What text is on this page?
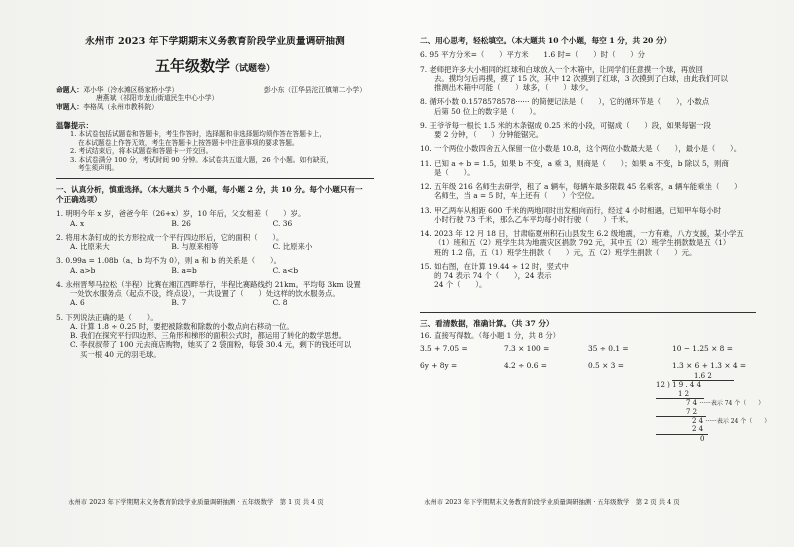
永州市 2023 年下学期期末义务教育阶段学业质量调研抽测

五年级数学（试题卷）

命题人：邓小华（冷水滩区杨家桥小学）	彭小东（江华县沱江镇第二小学）

唐燕斌（祁阳市龙山街道民生中心小学）

审题人：李格凤（永州市教科院）

温馨提示：

1. 本试卷包括试题卷和答题卡，考生作答时，选择题和非选择题均须作答在答题卡上，

在本试题卷上作答无效，考生在答题卡上按答题卡中注意事项的要求答题。

2. 考试结束后，将本试题卷和答题卡一并交回。

3. 本试卷满分 100 分，考试时间 90 分钟。本试卷共五道大题，26 个小题。如有缺页，

考生须声明。

一、认真分析，慎重选择。（本大题共 5 个小题，每小题 2 分，共 10 分。每个小题只有一

个正确选项）

1. 明明今年 x 岁，爸爸今年（26+x）岁，10 年后，父女相差（　　）岁。

A. x	B. 26	C. 36

2. 将用木条钉成的长方形拉成一个平行四边形后，它的面积（　　）。

A. 比原来大	B. 与原来相等	C. 比原来小

3. 0.99a = 1.08b（a、b 均不为 0），则 a 和 b 的关系是（　　）。

A. a>b	B. a=b	C. a<b

4. 永州晋琴马拉松（半程）比赛在湘江西畔举行，半程比赛路线约 21km。平均每 3km 设置

一处饮水服务点（起点不设，终点设），一共设置了（　　）处这样的饮水服务点。

A. 6	B. 7	C. 8

5. 下列说法正确的是（　　）。

A. 计算 1.8 ÷ 0.25 时，要把被除数和除数的小数点向右移动一位。

B. 我们在探究平行四边形、三角形和梯形的面积公式时，都运用了转化的数学思想。

C. 李叔叔带了 100 元去商店购物，她买了 2 袋面粉，每袋 30.4 元，剩下的钱还可以

买一根 40 元的羽毛球。

永州市 2023 年下学期期末义务教育阶段学业质量调研抽测 · 五年级数学　第 1 页 共 4 页

二、用心思考，轻松填空。（本大题共 10 个小题，每空 1 分，共 20 分）

6. 95 平方分米=（　　）平方米　　1.6 时=（　　）时（　　）分

7. 老师把许多大小相同的红球和白球放入一个木箱中，让同学们任意摸一个球，再放回

去。摸均匀后再摸，摸了 15 次，其中 12 次摸到了红球，3 次摸到了白球，由此我们可以

推测出木箱中可能（　　）球多，（　　）球少。

8. 循环小数 0.1578578578······ 的简便记法是（　　），它的循环节是（　　），小数点

后第 50 位上的数字是（　　）。

9. 王爷爷每一根长 1.5 米的木条锯成 0.25 米的小段，可锯成（　　）段，如果每锯一段

要 2 分钟，（　　）分钟能锯完。

10. 一个两位小数四舍五入保留一位小数是 10.8，这个两位小数最大是（　　），最小是（　　）。

11. 已知 a ÷ b = 1.5，如果 b 不变，a 乘 3，则商是（　　）；如果 a 不变，b 除以 5，则商

是（　　）。

12. 五年级 216 名师生去研学，租了 a 辆车，每辆车最多限载 45 名乘客，a 辆车能乘坐（　　）

名师生，当 a = 5 时，车上还有（　　）个空位。

13. 甲乙两车从相距 600 千米的两地同时出发相向而行，经过 4 小时相遇，已知甲车每小时

小时行驶 73 千米，那么乙车平均每小时行驶（　　）千米。

14. 2023 年 12 月 18 日，甘肃临夏州积石山县发生 6.2 级地震，一方有难，八方支援，某小学五

（1）班和五（2）班学生共为地震灾区捐款 792 元，其中五（2）班学生捐款数是五（1）

班的 1.2 倍，五（1）班学生捐款（　　）元，五（2）班学生捐款（　　）元。

15. 如右图，在计算 19.44 ÷ 12 时，竖式中

的 74 表示 74 个（　　），24 表示

24 个（　　）。

1.6 2
12 ) 1 9 . 4 4
1 2
7 4 ······表示 74 个（　　）
7 2
2 4 ······表示 24 个（　　）
2 4
0

三、看清数据，准确计算。（共 37 分）

16. 直接写得数。（每小题 1 分，共 8 分）

3.5 + 7.05 =	7.3 × 100 =	35 ÷ 0.1 =	10 − 1.25 × 8 =
6y + 8y =	4.2 ÷ 0.6 =	0.5 × 3 =	1.3 × 6 + 1.3 × 4 =
永州市 2023 年下学期期末义务教育阶段学业质量调研抽测 · 五年级数学　第 2 页 共 4 页
